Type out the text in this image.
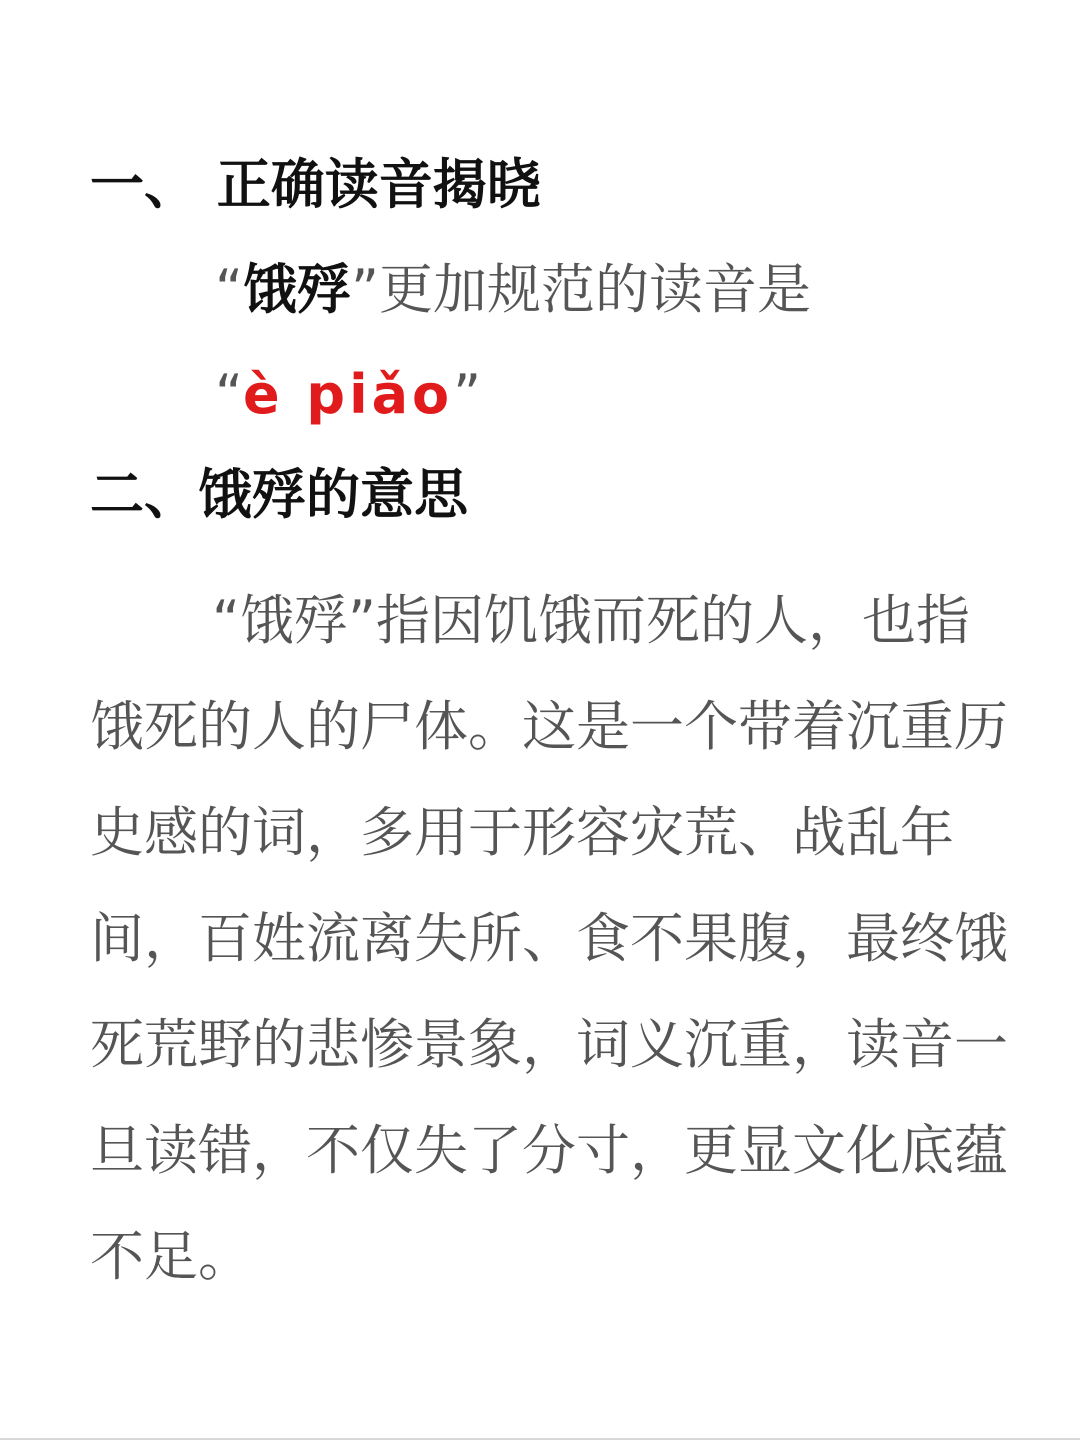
一、 正确读音揭晓
“饿殍”更加规范的读音是
“è piǎo”
二、饿殍的意思
“饿殍”指因饥饿而死的人，也指饿死的人的尸体。这是一个带着沉重历史感的词，多用于形容灾荒、战乱年间，百姓流离失所、食不果腹，最终饿死荒野的悲惨景象，词义沉重，读音一旦读错，不仅失了分寸，更显文化底蕴不足。
